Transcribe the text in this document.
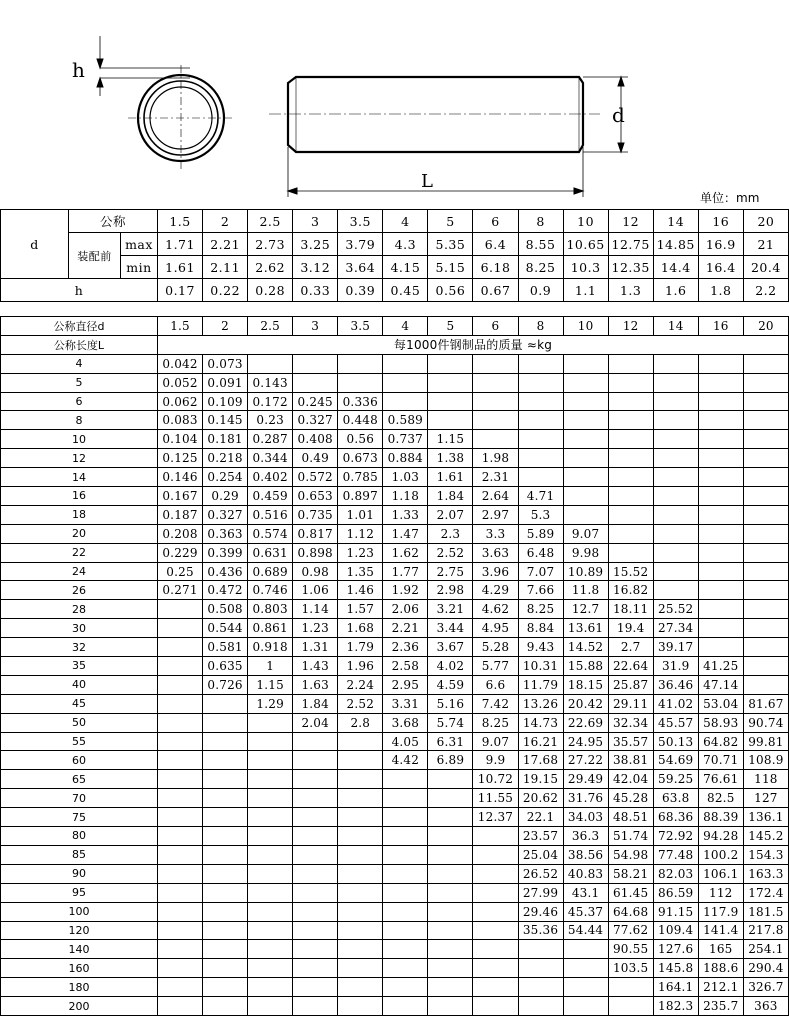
h
d
L
单位：mm
d	公称		1.5	2	2.5	3	3.5	4	5	6	8	10	12	14	16	20
	装配前	max	1.71	2.21	2.73	3.25	3.79	4.3	5.35	6.4	8.55	10.65	12.75	14.85	16.9	21
		min	1.61	2.11	2.62	3.12	3.64	4.15	5.15	6.18	8.25	10.3	12.35	14.4	16.4	20.4
h			0.17	0.22	0.28	0.33	0.39	0.45	0.56	0.67	0.9	1.1	1.3	1.6	1.8	2.2
公称直径d	1.5	2	2.5	3	3.5	4	5	6	8	10	12	14	16	20
公称长度L	每1000件钢制品的质量 ≈kg													
4	0.042	0.073												
5	0.052	0.091	0.143											
6	0.062	0.109	0.172	0.245	0.336									
8	0.083	0.145	0.23	0.327	0.448	0.589								
10	0.104	0.181	0.287	0.408	0.56	0.737	1.15							
12	0.125	0.218	0.344	0.49	0.673	0.884	1.38	1.98						
14	0.146	0.254	0.402	0.572	0.785	1.03	1.61	2.31						
16	0.167	0.29	0.459	0.653	0.897	1.18	1.84	2.64	4.71					
18	0.187	0.327	0.516	0.735	1.01	1.33	2.07	2.97	5.3					
20	0.208	0.363	0.574	0.817	1.12	1.47	2.3	3.3	5.89	9.07				
22	0.229	0.399	0.631	0.898	1.23	1.62	2.52	3.63	6.48	9.98				
24	0.25	0.436	0.689	0.98	1.35	1.77	2.75	3.96	7.07	10.89	15.52			
26	0.271	0.472	0.746	1.06	1.46	1.92	2.98	4.29	7.66	11.8	16.82			
28		0.508	0.803	1.14	1.57	2.06	3.21	4.62	8.25	12.7	18.11	25.52		
30		0.544	0.861	1.23	1.68	2.21	3.44	4.95	8.84	13.61	19.4	27.34		
32		0.581	0.918	1.31	1.79	2.36	3.67	5.28	9.43	14.52	2.7	39.17		
35		0.635	1	1.43	1.96	2.58	4.02	5.77	10.31	15.88	22.64	31.9	41.25	
40		0.726	1.15	1.63	2.24	2.95	4.59	6.6	11.79	18.15	25.87	36.46	47.14	
45			1.29	1.84	2.52	3.31	5.16	7.42	13.26	20.42	29.11	41.02	53.04	81.67
50				2.04	2.8	3.68	5.74	8.25	14.73	22.69	32.34	45.57	58.93	90.74
55						4.05	6.31	9.07	16.21	24.95	35.57	50.13	64.82	99.81
60						4.42	6.89	9.9	17.68	27.22	38.81	54.69	70.71	108.9
65								10.72	19.15	29.49	42.04	59.25	76.61	118
70								11.55	20.62	31.76	45.28	63.8	82.5	127
75								12.37	22.1	34.03	48.51	68.36	88.39	136.1
80									23.57	36.3	51.74	72.92	94.28	145.2
85									25.04	38.56	54.98	77.48	100.2	154.3
90									26.52	40.83	58.21	82.03	106.1	163.3
95									27.99	43.1	61.45	86.59	112	172.4
100									29.46	45.37	64.68	91.15	117.9	181.5
120									35.36	54.44	77.62	109.4	141.4	217.8
140											90.55	127.6	165	254.1
160											103.5	145.8	188.6	290.4
180												164.1	212.1	326.7
200												182.3	235.7	363
